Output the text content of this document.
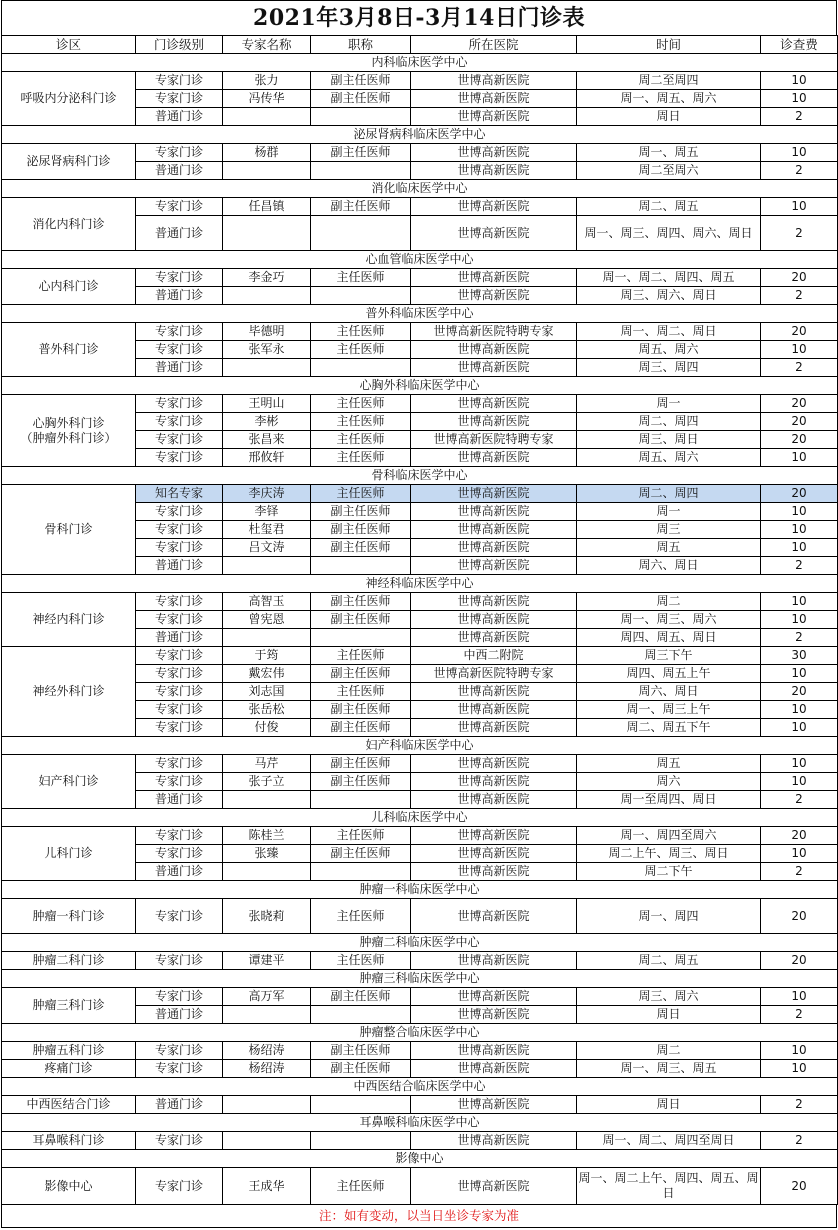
2021年3月8日-3月14日门诊表
诊区	门诊级别	专家名称	职称	所在医院	时间	诊查费
内科临床医学中心						
呼吸内分泌科门诊	专家门诊	张力	副主任医师	世博高新医院	周二至周四	10
	专家门诊	冯传华	副主任医师	世博高新医院	周一、周五、周六	10
	普通门诊			世博高新医院	周日	2
泌尿肾病科临床医学中心						
泌尿肾病科门诊	专家门诊	杨群	副主任医师	世博高新医院	周一、周五	10
	普通门诊			世博高新医院	周二至周六	2
消化临床医学中心						
消化内科门诊	专家门诊	任昌镇	副主任医师	世博高新医院	周二、周五	10
	普通门诊			世博高新医院	周一、周三、周四、周六、周日	2
心血管临床医学中心						
心内科门诊	专家门诊	李金巧	主任医师	世博高新医院	周一、周二、周四、周五	20
	普通门诊			世博高新医院	周三、周六、周日	2
普外科临床医学中心						
普外科门诊	专家门诊	毕德明	主任医师	世博高新医院特聘专家	周一、周二、周日	20
	专家门诊	张军永	主任医师	世博高新医院	周五、周六	10
	普通门诊			世博高新医院	周三、周四	2
心胸外科临床医学中心						
心胸外科门诊
（肿瘤外科门诊）	专家门诊	王明山	主任医师	世博高新医院	周一	20
	专家门诊	李彬	主任医师	世博高新医院	周二、周四	20
	专家门诊	张昌来	主任医师	世博高新医院特聘专家	周三、周日	20
	专家门诊	邢攸轩	主任医师	世博高新医院	周五、周六	10
骨科临床医学中心						
骨科门诊	知名专家	李庆涛	主任医师	世博高新医院	周二、周四	20
	专家门诊	李铎	副主任医师	世博高新医院	周一	10
	专家门诊	杜玺君	副主任医师	世博高新医院	周三	10
	专家门诊	吕文涛	副主任医师	世博高新医院	周五	10
	普通门诊			世博高新医院	周六、周日	2
神经科临床医学中心						
神经内科门诊	专家门诊	高智玉	副主任医师	世博高新医院	周二	10
	专家门诊	曾宪恩	副主任医师	世博高新医院	周一、周三、周六	10
	普通门诊			世博高新医院	周四、周五、周日	2
神经外科门诊	专家门诊	于筠	主任医师	中西二附院	周三下午	30
	专家门诊	戴宏伟	副主任医师	世博高新医院特聘专家	周四、周五上午	10
	专家门诊	刘志国	主任医师	世博高新医院	周六、周日	20
	专家门诊	张岳松	副主任医师	世博高新医院	周一、周三上午	10
	专家门诊	付俊	副主任医师	世博高新医院	周二、周五下午	10
妇产科临床医学中心						
妇产科门诊	专家门诊	马芹	副主任医师	世博高新医院	周五	10
	专家门诊	张子立	副主任医师	世博高新医院	周六	10
	普通门诊			世博高新医院	周一至周四、周日	2
儿科临床医学中心						
儿科门诊	专家门诊	陈桂兰	主任医师	世博高新医院	周一、周四至周六	20
	专家门诊	张臻	副主任医师	世博高新医院	周二上午、周三、周日	10
	普通门诊			世博高新医院	周二下午	2
肿瘤一科临床医学中心						
肿瘤一科门诊	专家门诊	张晓莉	主任医师	世博高新医院	周一、周四	20
肿瘤二科临床医学中心						
肿瘤二科门诊	专家门诊	谭建平	主任医师	世博高新医院	周二、周五	20
肿瘤三科临床医学中心						
肿瘤三科门诊	专家门诊	高万军	副主任医师	世博高新医院	周三、周六	10
	普通门诊			世博高新医院	周日	2
肿瘤整合临床医学中心						
肿瘤五科门诊	专家门诊	杨绍涛	副主任医师	世博高新医院	周二	10
疼痛门诊	专家门诊	杨绍涛	副主任医师	世博高新医院	周一、周三、周五	10
中西医结合临床医学中心						
中西医结合门诊	普通门诊			世博高新医院	周日	2
耳鼻喉科临床医学中心						
耳鼻喉科门诊	专家门诊			世博高新医院	周一、周二、周四至周日	2
影像中心						
影像中心	专家门诊	王成华	主任医师	世博高新医院	周一、周二上午、周四、周五、周日	20
注：如有变动，以当日坐诊专家为准
